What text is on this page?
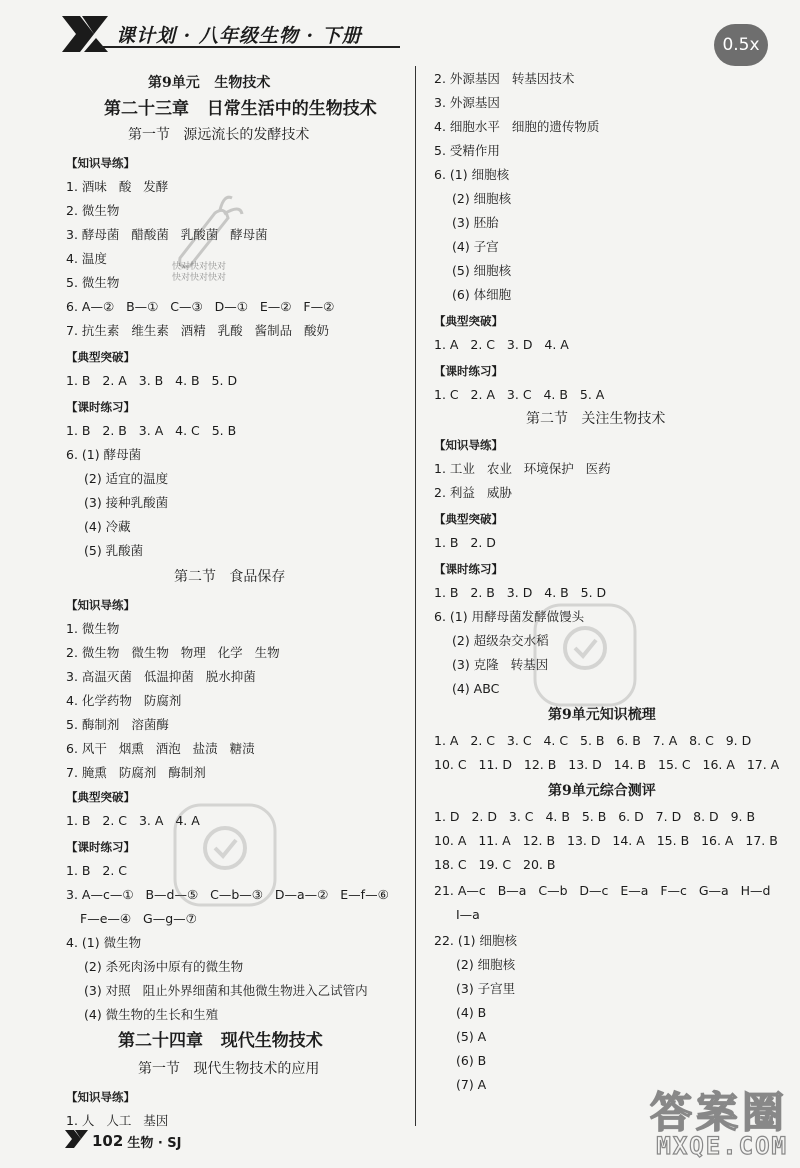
课计划 · 八年级生物 · 下册	0.5x
第9单元   生物技术
第二十三章   日常生活中的生物技术
第一节   源远流长的发酵技术
【知识导练】
1. 酒味   酸   发酵
2. 微生物
3. 酵母菌   醋酸菌   乳酸菌   酵母菌
4. 温度
5. 微生物
6. A—②   B—①   C—③   D—①   E—②   F—②
7. 抗生素   维生素   酒精   乳酸   酱制品   酸奶
【典型突破】
1. B   2. A   3. B   4. B   5. D
【课时练习】
1. B   2. B   3. A   4. C   5. B
6. (1) 酵母菌
(2) 适宜的温度
(3) 接种乳酸菌
(4) 冷藏
(5) 乳酸菌
第二节   食品保存
【知识导练】
1. 微生物
2. 微生物   微生物   物理   化学   生物
3. 高温灭菌   低温抑菌   脱水抑菌
4. 化学药物   防腐剂
5. 酶制剂   溶菌酶
6. 风干   烟熏   酒泡   盐渍   糖渍
7. 腌熏   防腐剂   酶制剂
【典型突破】
1. B   2. C   3. A   4. A
【课时练习】
1. B   2. C
3. A—c—①   B—d—⑤   C—b—③   D—a—②   E—f—⑥
F—e—④   G—g—⑦
4. (1) 微生物
(2) 杀死肉汤中原有的微生物
(3) 对照   阻止外界细菌和其他微生物进入乙试管内
(4) 微生物的生长和生殖
第二十四章   现代生物技术
第一节   现代生物技术的应用
【知识导练】
1. 人   人工   基因
2. 外源基因   转基因技术
3. 外源基因
4. 细胞水平   细胞的遗传物质
5. 受精作用
6. (1) 细胞核
(2) 细胞核
(3) 胚胎
(4) 子宫
(5) 细胞核
(6) 体细胞
【典型突破】
1. A   2. C   3. D   4. A
【课时练习】
1. C   2. A   3. C   4. B   5. A
第二节   关注生物技术
【知识导练】
1. 工业   农业   环境保护   医药
2. 利益   威胁
【典型突破】
1. B   2. D
【课时练习】
1. B   2. B   3. D   4. B   5. D
6. (1) 用酵母菌发酵做馒头
(2) 超级杂交水稻
(3) 克隆   转基因
(4) ABC
第9单元知识梳理
1. A   2. C   3. C   4. C   5. B   6. B   7. A   8. C   9. D
10. C   11. D   12. B   13. D   14. B   15. C   16. A   17. A
第9单元综合测评
1. D   2. D   3. C   4. B   5. B   6. D   7. D   8. D   9. B
10. A   11. A   12. B   13. D   14. A   15. B   16. A   17. B
18. C   19. C   20. B
21. A—c   B—a   C—b   D—c   E—a   F—c   G—a   H—d
I—a
22. (1) 细胞核
(2) 细胞核
(3) 子宫里
(4) B
(5) A
(6) B
(7) A
快对快对快对
快对快对快对
102 生物 · SJ
答案圈
MXQE.COM
